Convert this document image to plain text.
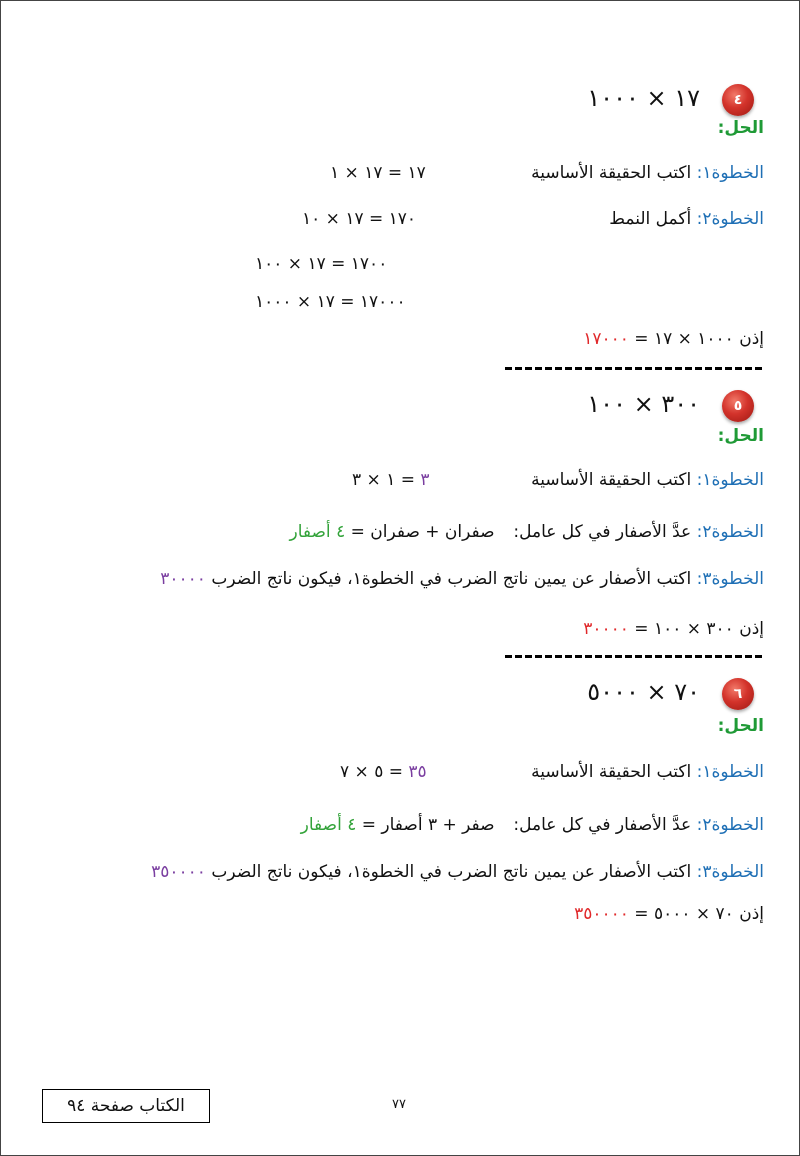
٤
١٧ × ١٠٠٠
الحل:
الخطوة١: اكتب الحقيقة الأساسية
١٧ = ١٧ × ١
الخطوة٢: أكمل النمط
١٧٠ = ١٧ × ١٠
١٧٠٠ = ١٧ × ١٠٠
١٧٠٠٠ = ١٧ × ١٠٠٠
إذن ١٠٠٠ × ١٧ = ١٧٠٠٠
٥
٣٠٠ × ١٠٠
الحل:
الخطوة١: اكتب الحقيقة الأساسية
٣ = ١ × ٣
الخطوة٢: عدَّ الأصفار في كل عامل:  صفران + صفران = ٤ أصفار
الخطوة٣: اكتب الأصفار عن يمين ناتج الضرب في الخطوة١، فيكون ناتج الضرب ٣٠٠٠٠
إذن ٣٠٠ × ١٠٠ = ٣٠٠٠٠
٦
٧٠ × ٥٠٠٠
الحل:
الخطوة١: اكتب الحقيقة الأساسية
٣٥ = ٥ × ٧
الخطوة٢: عدَّ الأصفار في كل عامل:  صفر + ٣ أصفار = ٤ أصفار
الخطوة٣: اكتب الأصفار عن يمين ناتج الضرب في الخطوة١، فيكون ناتج الضرب ٣٥٠٠٠٠
إذن ٧٠ × ٥٠٠٠ = ٣٥٠٠٠٠
الكتاب صفحة ٩٤	٧٧
